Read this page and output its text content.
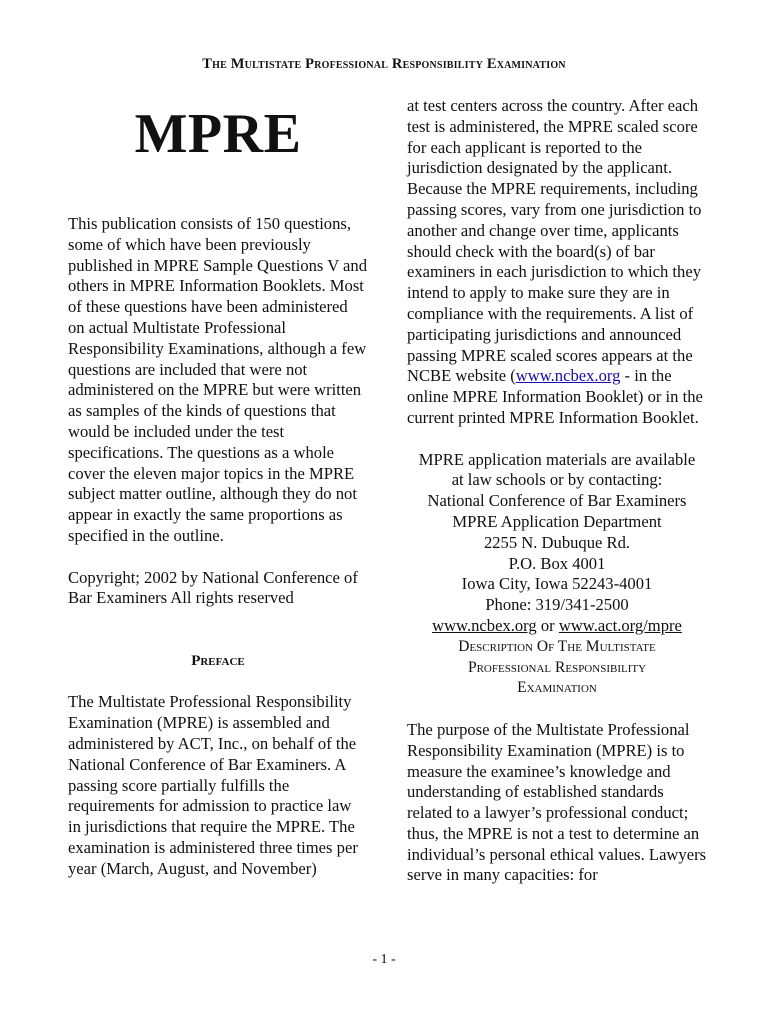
The Multistate Professional Responsibility Examination
MPRE

This publication consists of 150 questions, some of which have been previously published in MPRE Sample Questions V and others in MPRE Information Booklets. Most of these questions have been administered on actual Multistate Professional Responsibility Examinations, although a few questions are included that were not administered on the MPRE but were written as samples of the kinds of questions that would be included under the test specifications. The questions as a whole cover the eleven major topics in the MPRE subject matter outline, although they do not appear in exactly the same proportions as specified in the outline.

Copyright; 2002 by National Conference of Bar Examiners All rights reserved

Preface

The Multistate Professional Responsibility Examination (MPRE) is assembled and administered by ACT, Inc., on behalf of the National Conference of Bar Examiners. A passing score partially fulfills the requirements for admission to practice law in jurisdictions that require the MPRE. The examination is administered three times per year (March, August, and November)

at test centers across the country. After each test is administered, the MPRE scaled score for each applicant is reported to the jurisdiction designated by the applicant. Because the MPRE requirements, including passing scores, vary from one jurisdiction to another and change over time, applicants should check with the board(s) of bar examiners in each jurisdiction to which they intend to apply to make sure they are in compliance with the requirements. A list of participating jurisdictions and announced passing MPRE scaled scores appears at the NCBE website (www.ncbex.org - in the online MPRE Information Booklet) or in the current printed MPRE Information Booklet.

MPRE application materials are available

at law schools or by contacting:

National Conference of Bar Examiners

MPRE Application Department

2255 N. Dubuque Rd.

P.O. Box 4001

Iowa City, Iowa 52243-4001

Phone: 319/341-2500

www.ncbex.org or www.act.org/mpre

Description Of The Multistate

Professional Responsibility

Examination

The purpose of the Multistate Professional Responsibility Examination (MPRE) is to measure the examinee’s knowledge and understanding of established standards related to a lawyer’s professional conduct; thus, the MPRE is not a test to determine an individual’s personal ethical values. Lawyers serve in many capacities: for

- 1 -
